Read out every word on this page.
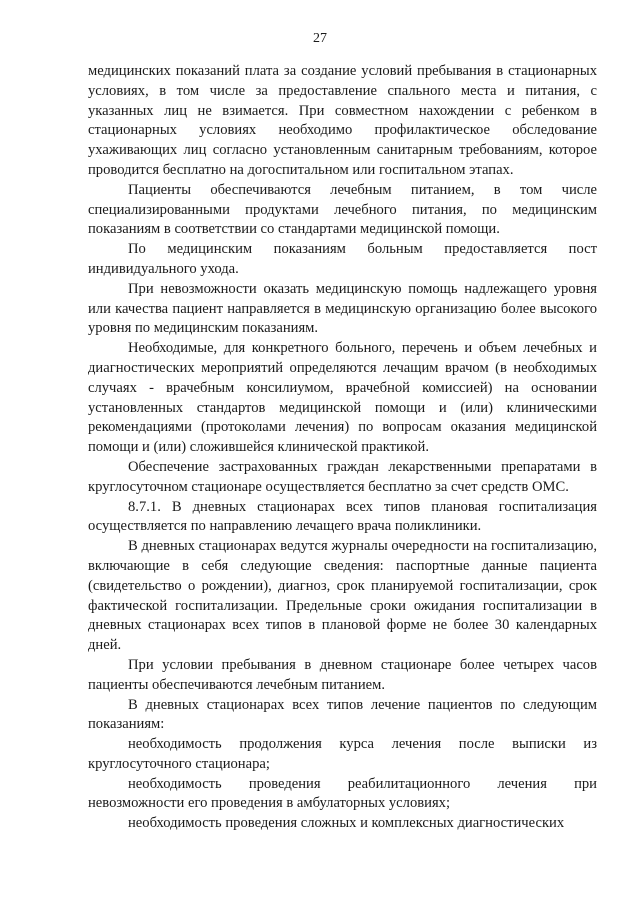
27

медицинских показаний плата за создание условий пребывания в стационарных условиях, в том числе за предоставление спального места и питания, с указанных лиц не взимается. При совместном нахождении с ребенком в стационарных условиях необходимо профилактическое обследование ухаживающих лиц согласно установленным санитарным требованиям, которое проводится бесплатно на догоспитальном или госпитальном этапах.

Пациенты обеспечиваются лечебным питанием, в том числе специализированными продуктами лечебного питания, по медицинским показаниям в соответствии со стандартами медицинской помощи.

По медицинским показаниям больным предоставляется пост индивидуального ухода.

При невозможности оказать медицинскую помощь надлежащего уровня или качества пациент направляется в медицинскую организацию более высокого уровня по медицинским показаниям.

Необходимые, для конкретного больного, перечень и объем лечебных и диагностических мероприятий определяются лечащим врачом (в необходимых случаях - врачебным консилиумом, врачебной комиссией) на основании установленных стандартов медицинской помощи и (или) клиническими рекомендациями (протоколами лечения) по вопросам оказания медицинской помощи и (или) сложившейся клинической практикой.

Обеспечение застрахованных граждан лекарственными препаратами в круглосуточном стационаре осуществляется бесплатно за счет средств ОМС.

8.7.1. В дневных стационарах всех типов плановая госпитализация осуществляется по направлению лечащего врача поликлиники.

В дневных стационарах ведутся журналы очередности на госпитализацию, включающие в себя следующие сведения: паспортные данные пациента (свидетельство о рождении), диагноз, срок планируемой госпитализации, срок фактической госпитализации. Предельные сроки ожидания госпитализации в дневных стационарах всех типов в плановой форме не более 30 календарных дней.

При условии пребывания в дневном стационаре более четырех часов пациенты обеспечиваются лечебным питанием.

В дневных стационарах всех типов лечение пациентов по следующим показаниям:

необходимость продолжения курса лечения после выписки из круглосуточного стационара;

необходимость проведения реабилитационного лечения при невозможности его проведения в амбулаторных условиях;

необходимость проведения сложных и комплексных диагностических
